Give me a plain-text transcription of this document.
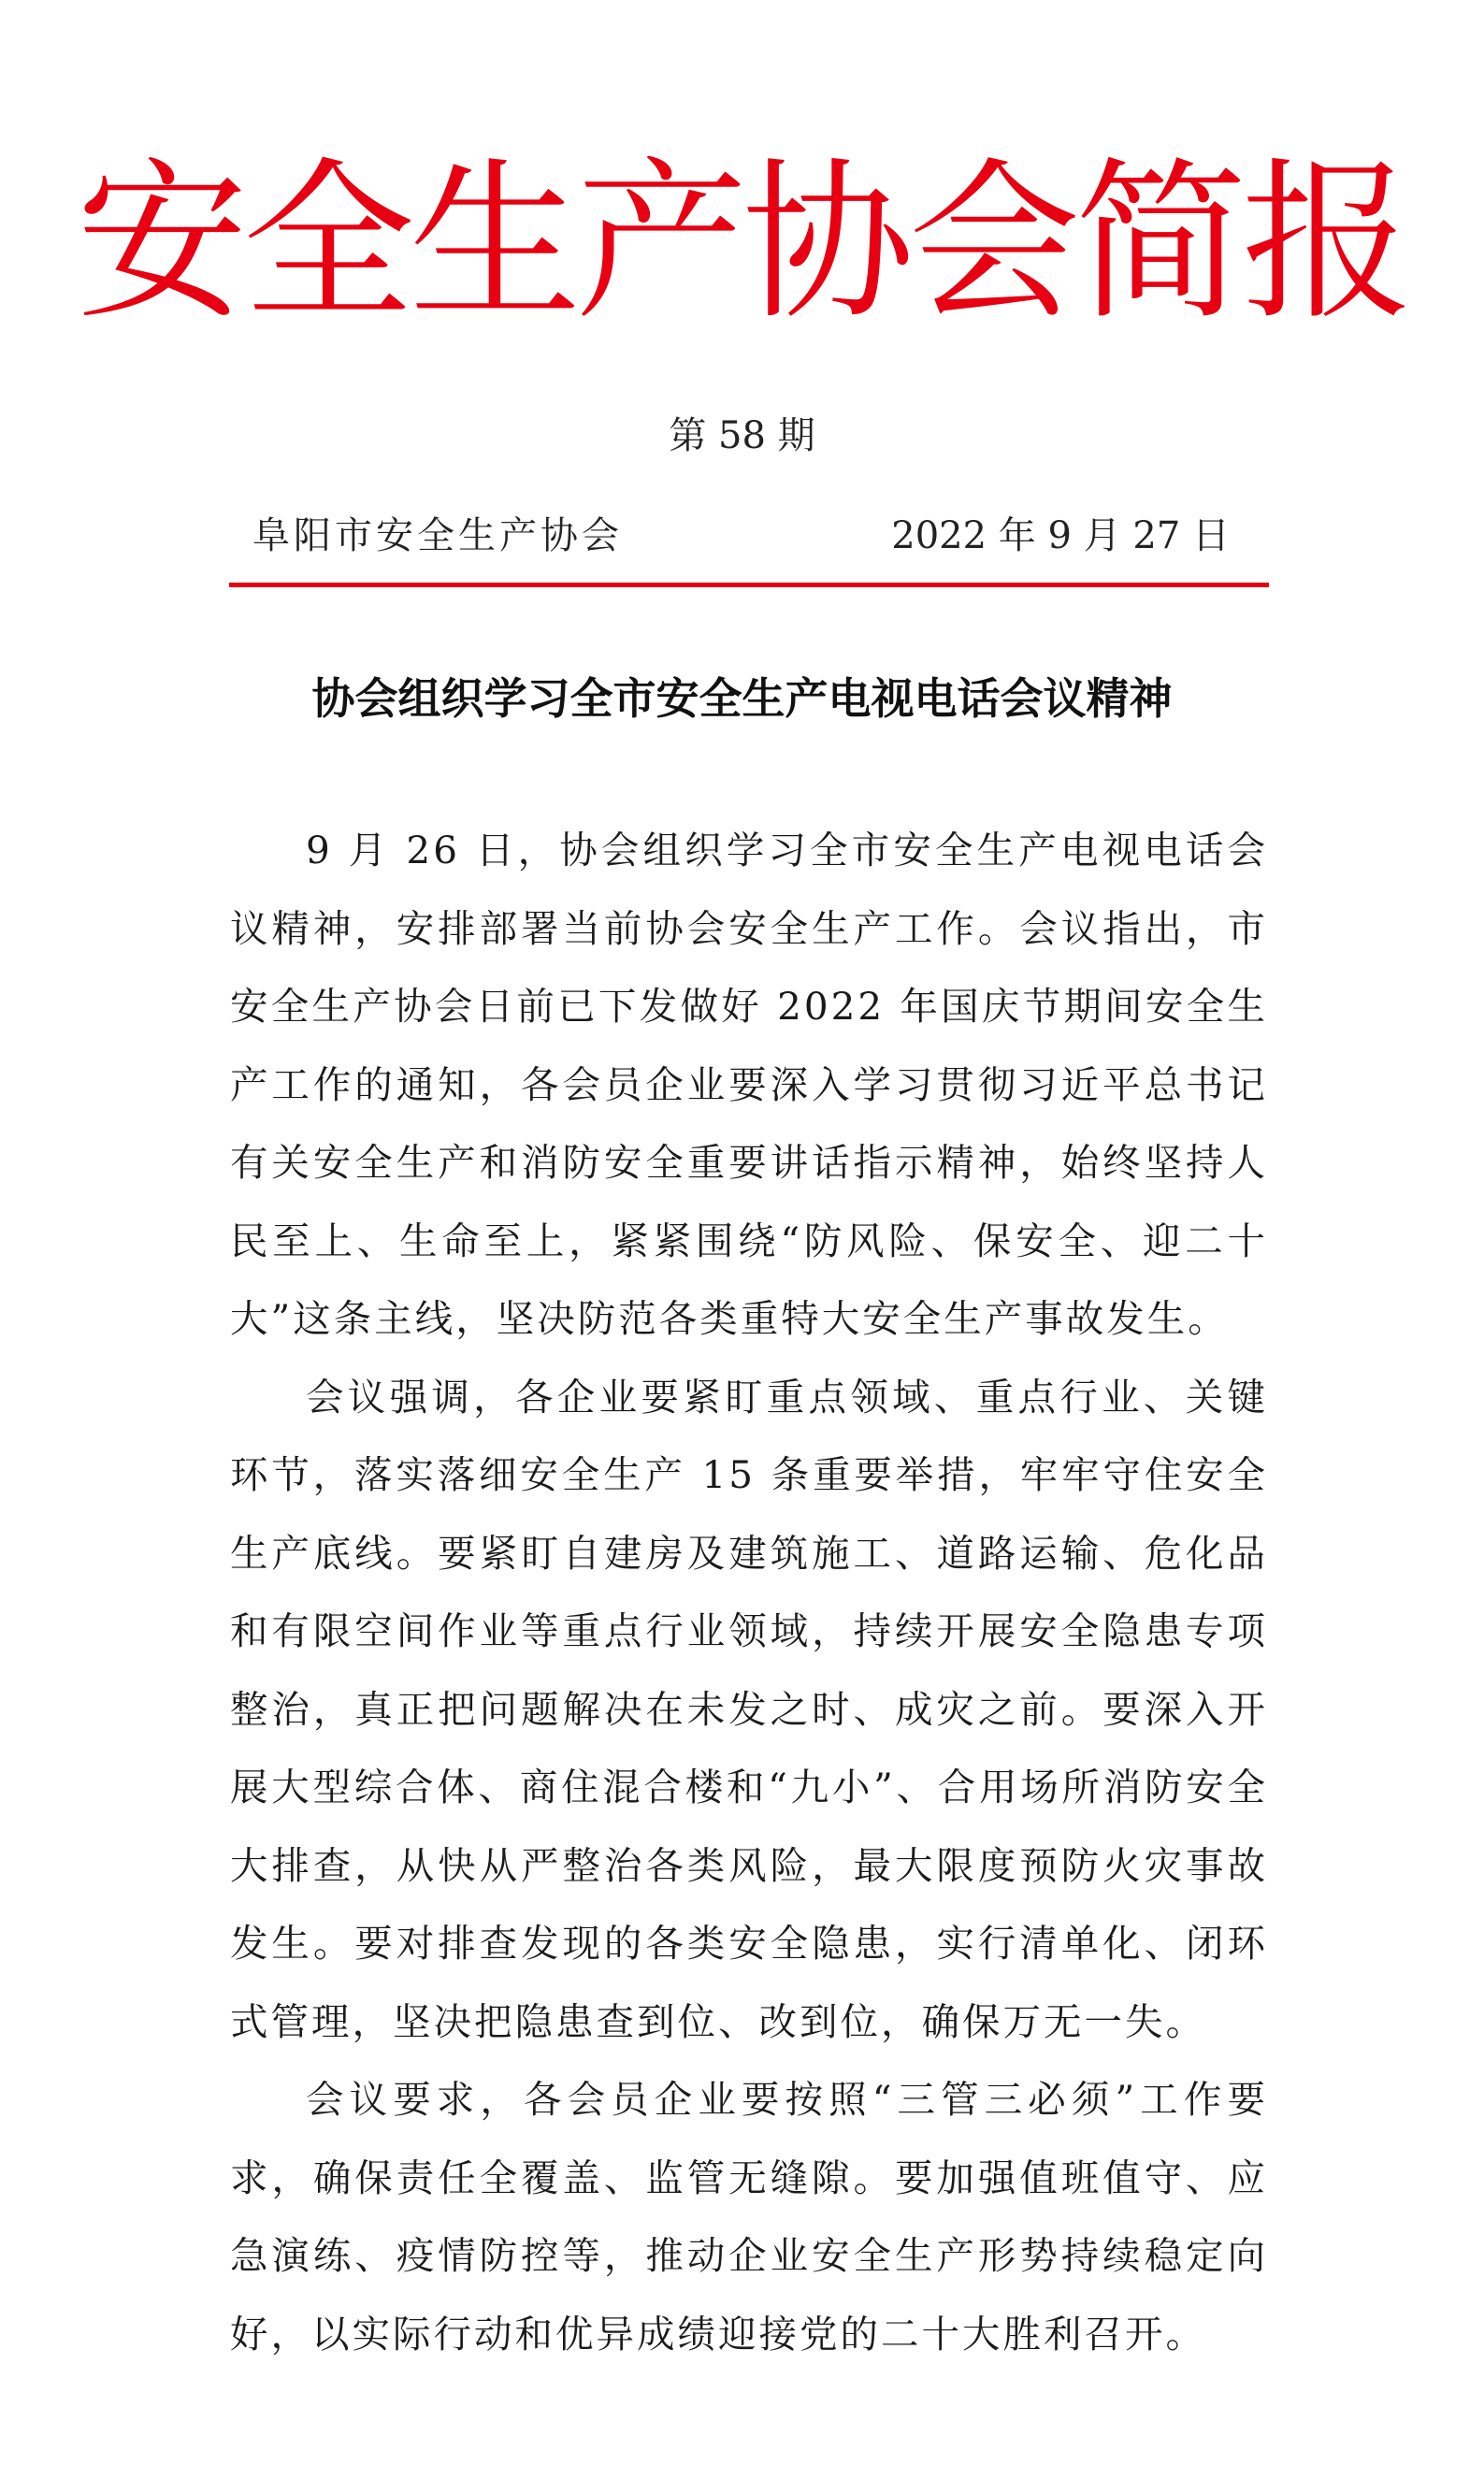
安全生产协会简报
第 58 期
阜阳市安全生产协会	2022 年 9 月 27 日
协会组织学习全市安全生产电视电话会议精神

9 月 26 日，协会组织学习全市安全生产电视电话会议精神，安排部署当前协会安全生产工作。会议指出，市安全生产协会日前已下发做好 2022 年国庆节期间安全生产工作的通知，各会员企业要深入学习贯彻习近平总书记有关安全生产和消防安全重要讲话指示精神，始终坚持人民至上、生命至上，紧紧围绕“防风险、保安全、迎二十大”这条主线，坚决防范各类重特大安全生产事故发生。

会议强调，各企业要紧盯重点领域、重点行业、关键环节，落实落细安全生产 15 条重要举措，牢牢守住安全生产底线。要紧盯自建房及建筑施工、道路运输、危化品和有限空间作业等重点行业领域，持续开展安全隐患专项整治，真正把问题解决在未发之时、成灾之前。要深入开展大型综合体、商住混合楼和“九小”、合用场所消防安全大排查，从快从严整治各类风险，最大限度预防火灾事故发生。要对排查发现的各类安全隐患，实行清单化、闭环式管理，坚决把隐患查到位、改到位，确保万无一失。

会议要求，各会员企业要按照“三管三必须”工作要求，确保责任全覆盖、监管无缝隙。要加强值班值守、应急演练、疫情防控等，推动企业安全生产形势持续稳定向好，以实际行动和优异成绩迎接党的二十大胜利召开。
